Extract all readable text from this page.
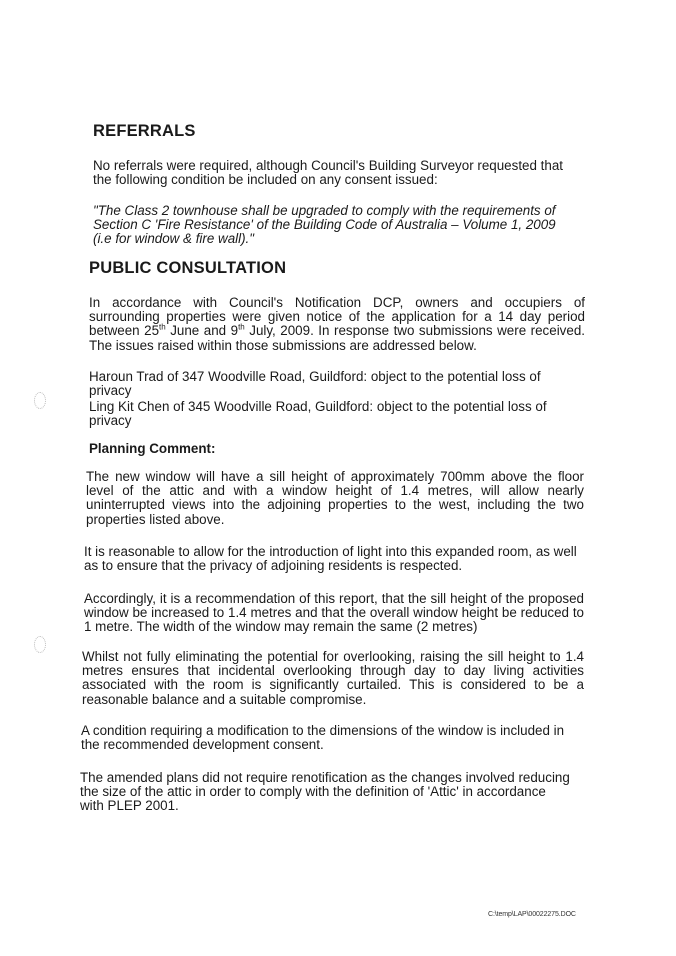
REFERRALS

No referrals were required, although Council's Building Surveyor requested that the following condition be included on any consent issued:

"The Class 2 townhouse shall be upgraded to comply with the requirements of Section C 'Fire Resistance' of the Building Code of Australia – Volume 1, 2009 (i.e for window & fire wall)."

PUBLIC CONSULTATION

In accordance with Council's Notification DCP, owners and occupiers of surrounding properties were given notice of the application for a 14 day period between 25th June and 9th July, 2009. In response two submissions were received. The issues raised within those submissions are addressed below.

Haroun Trad of 347 Woodville Road, Guildford: object to the potential loss of privacy

Ling Kit Chen of 345 Woodville Road, Guildford: object to the potential loss of privacy

Planning Comment:

The new window will have a sill height of approximately 700mm above the floor level of the attic and with a window height of 1.4 metres, will allow nearly uninterrupted views into the adjoining properties to the west, including the two properties listed above.

It is reasonable to allow for the introduction of light into this expanded room, as well as to ensure that the privacy of adjoining residents is respected.

Accordingly, it is a recommendation of this report, that the sill height of the proposed window be increased to 1.4 metres and that the overall window height be reduced to 1 metre. The width of the window may remain the same (2 metres)

Whilst not fully eliminating the potential for overlooking, raising the sill height to 1.4 metres ensures that incidental overlooking through day to day living activities associated with the room is significantly curtailed. This is considered to be a reasonable balance and a suitable compromise.

A condition requiring a modification to the dimensions of the window is included in the recommended development consent.

The amended plans did not require renotification as the changes involved reducing the size of the attic in order to comply with the definition of 'Attic' in accordance with PLEP 2001.

C:\temp\LAP\00022275.DOC
